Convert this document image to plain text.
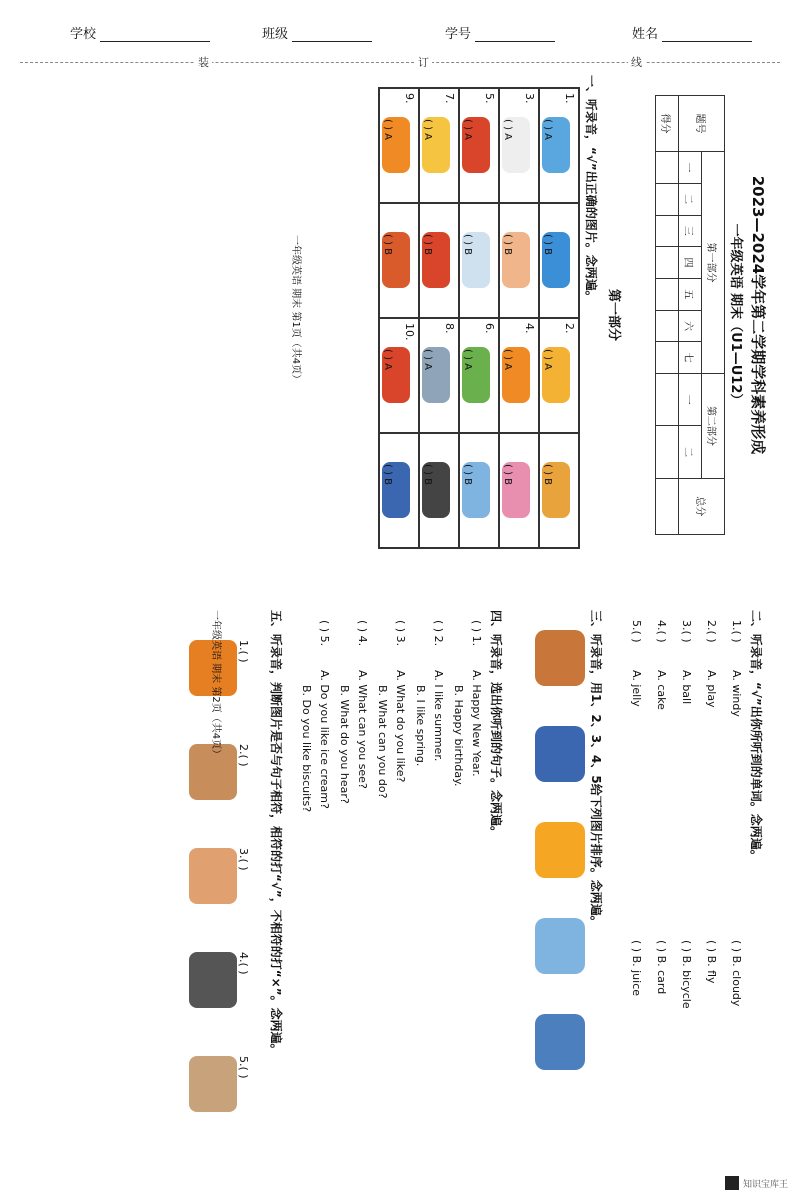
学校	班级	学号	姓名
装	订	线
2023—2024学年第二学期学科素养形成
一年级英语 期末（U1—U12）
题号	第一部分							第二部分		总分
	一	二	三	四	五	六	七	一	二	
得分										
第一部分
一、听录音，“√”出正确的图片。念两遍。
1.
( ) A
( ) B
2.
( ) A
( ) B
3.
( ) A
( ) B
4.
( ) A
( ) B
5.
( ) A
( ) B
6.
( ) A
( ) B
7.
( ) A
( ) B
8.
( ) A
( ) B
9.
( ) A
( ) B
10.
( ) A
( ) B
一年级英语 期末 第1页（共4页）
二、听录音，“√”出你所听到的单词。念两遍。
1.( )
A. windy
( ) B. cloudy
2.( )
A. play
( ) B. fly
3.( )
A. ball
( ) B. bicycle
4.( )
A. cake
( ) B. card
5.( )
A. jelly
( ) B. juice
三、听录音，用1、2、3、4、5给下列图片排序。念两遍。
四、听录音，选出你听到的句子。念两遍。
( ) 1.
A. Happy New Year.
B. Happy birthday.
( ) 2.
A. I like summer.
B. I like spring.
( ) 3.
A. What do you like?
B. What can you do?
( ) 4.
A. What can you see?
B. What do you hear?
( ) 5.
A. Do you like ice cream?
B. Do you like biscuits?
五、听录音，判断图片是否与句子相符，相符的打“√”，不相符的打“×”。念两遍。
1.( )
2.( )
3.( )
4.( )
5.( )
一年级英语 期末 第2页（共4页）
知识宝库王
